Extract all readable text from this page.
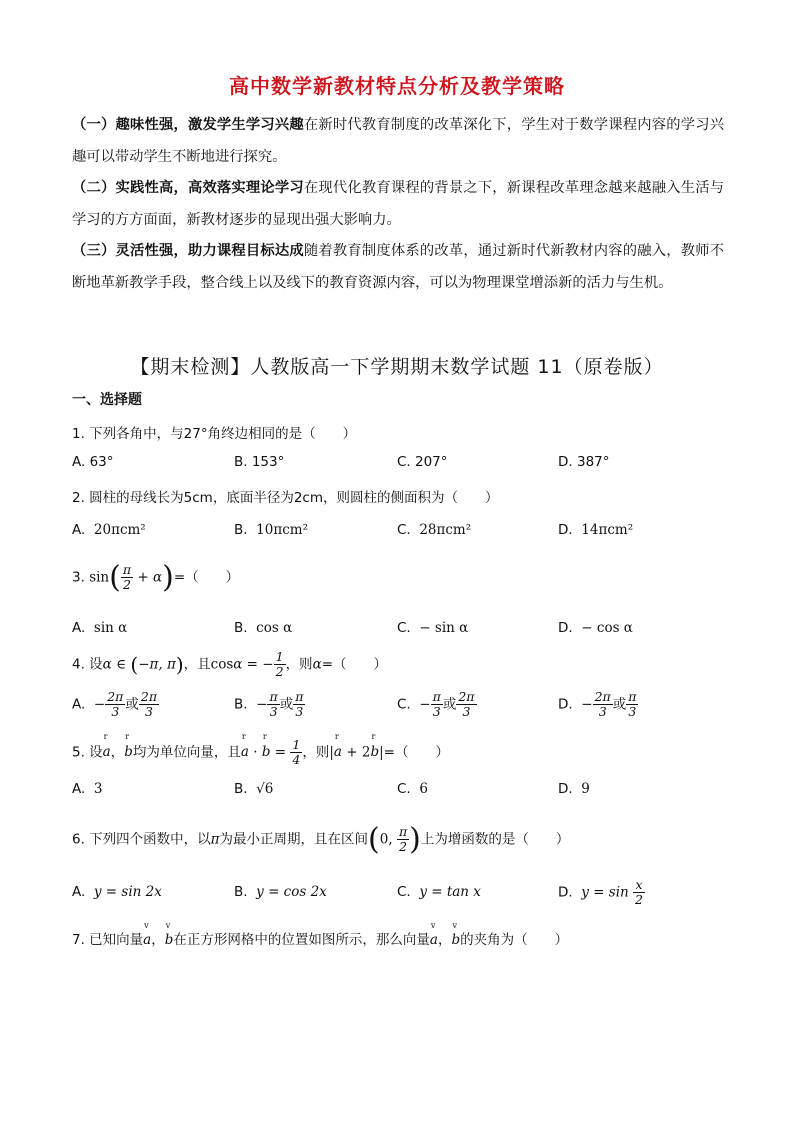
高中数学新教材特点分析及教学策略
（一）趣味性强，激发学生学习兴趣在新时代教育制度的改革深化下，学生对于数学课程内容的学习兴趣可以带动学生不断地进行探究。
（二）实践性高，高效落实理论学习在现代化教育课程的背景之下，新课程改革理念越来越融入生活与学习的方方面面，新教材逐步的显现出强大影响力。
（三）灵活性强，助力课程目标达成随着教育制度体系的改革，通过新时代新教材内容的融入，教师不断地革新教学手段，整合线上以及线下的教育资源内容，可以为物理课堂增添新的活力与生机。
【期末检测】人教版高一下学期期末数学试题 11（原卷版）
一、选择题
1. 下列各角中，与27°角终边相同的是（　　）
A. 63°	B. 153°	C. 207°	D. 387°
2. 圆柱的母线长为5cm，底面半径为2cm，则圆柱的侧面积为（　　）
A. 20πcm²	B. 10πcm²	C. 28πcm²	D. 14πcm²
3. $\sin( \frac{\pi}{2} + \alpha)=$（　　）
A. sin α	B. cos α	C. − sin α	D. − cos α
4. 设α ∈ (−π, π)，且cosα = − $\frac{1}{2}$ ，则α=（　　）
A. − $\frac{2\pi}{3}$ 或 $\frac{2\pi}{3}$	B. − $\frac{\pi}{3}$ 或 $\frac{\pi}{3}$	C. − $\frac{\pi}{3}$ 或 $\frac{2\pi}{3}$	D. − $\frac{2\pi}{3}$ 或 $\frac{\pi}{3}$
5. 设r a，r b均为单位向量，且r a · r $b = \frac{1}{4}$ ，则|r a + 2r b|=（　　）
A. 3	B. √6	C. 6	D. 9
6. 下列四个函数中，以π为最小正周期，且在区间(0, $\frac{\pi}{2}$ )上为增函数的是（　　）
A. y = sin 2x	B. y = cos 2x	C. y = tan x	D. $y = \sin \frac{x}{2}$
7. 已知向量v a，v b在正方形网格中的位置如图所示，那么向量v a，v b的夹角为（　　）
